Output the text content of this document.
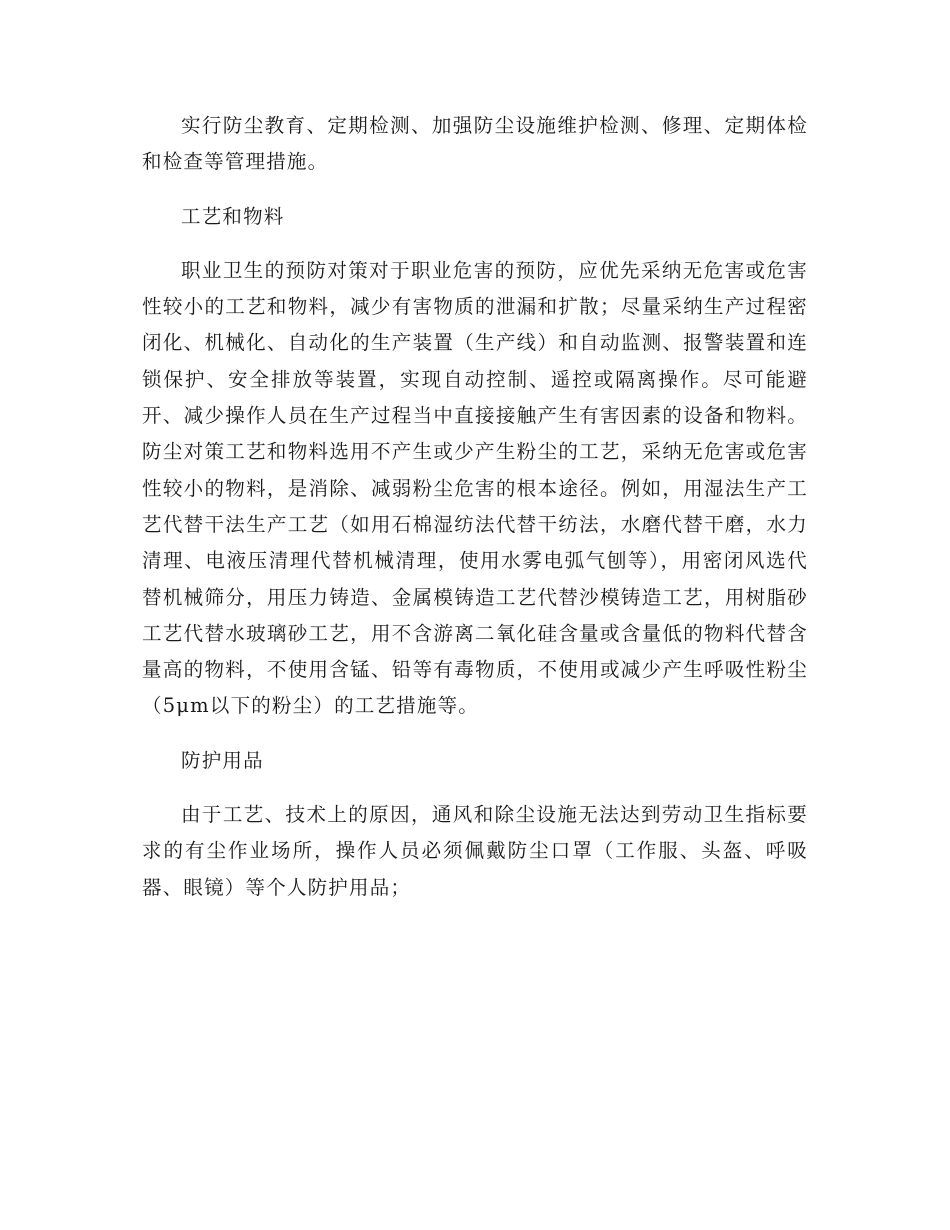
实行防尘教育、定期检测、加强防尘设施维护检测、修理、定期体检和检查等管理措施。

工艺和物料

职业卫生的预防对策对于职业危害的预防，应优先采纳无危害或危害性较小的工艺和物料，减少有害物质的泄漏和扩散；尽量采纳生产过程密闭化、机械化、自动化的生产装置（生产线）和自动监测、报警装置和连锁保护、安全排放等装置，实现自动控制、遥控或隔离操作。尽可能避开、减少操作人员在生产过程当中直接接触产生有害因素的设备和物料。防尘对策工艺和物料选用不产生或少产生粉尘的工艺，采纳无危害或危害性较小的物料，是消除、减弱粉尘危害的根本途径。例如，用湿法生产工艺代替干法生产工艺（如用石棉湿纺法代替干纺法，水磨代替干磨，水力清理、电液压清理代替机械清理，使用水雾电弧气刨等），用密闭风选代替机械筛分，用压力铸造、金属模铸造工艺代替沙模铸造工艺，用树脂砂工艺代替水玻璃砂工艺，用不含游离二氧化硅含量或含量低的物料代替含量高的物料，不使用含锰、铅等有毒物质，不使用或减少产生呼吸性粉尘（5μm以下的粉尘）的工艺措施等。

防护用品

由于工艺、技术上的原因，通风和除尘设施无法达到劳动卫生指标要求的有尘作业场所，操作人员必须佩戴防尘口罩（工作服、头盔、呼吸器、眼镜）等个人防护用品；
